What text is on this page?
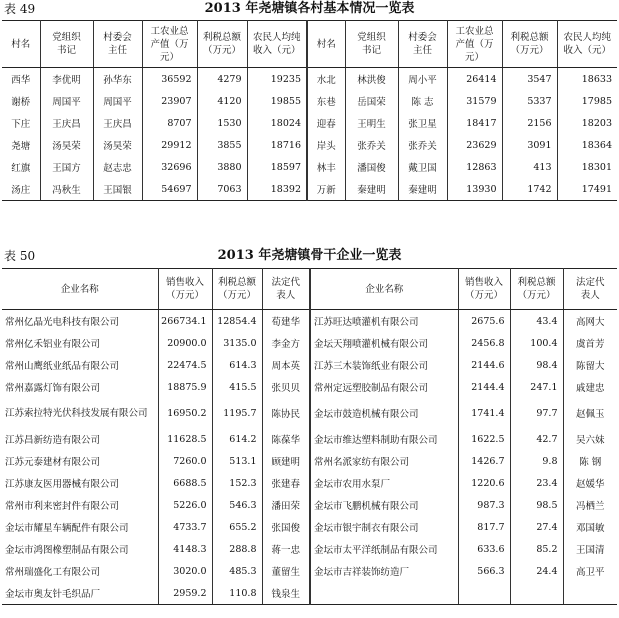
表 49	2013 年尧塘镇各村基本情况一览表
村名	党组织书记	村委会主任	工农业总产值（万元）	利税总额（万元）	农民人均纯收入（元）	村名	党组织书记	村委会主任	工农业总产值（万元）	利税总额（万元）	农民人均纯收入（元）
西华	李优明	孙华东	36592	4279	19235	水北	林洪俊	周小平	26414	3547	18633
谢桥	周国平	周国平	23907	4120	19855	东巷	岳国荣	陈 志	31579	5337	17985
下庄	王庆昌	王庆昌	8707	1530	18024	迎春	王明生	张卫星	18417	2156	18203
尧塘	汤昊荣	汤昊荣	29912	3855	18716	岸头	张乔关	张乔关	23629	3091	18364
红旗	王国方	赵志忠	32696	3880	18597	林丰	潘国俊	戴卫国	12863	413	18301
汤庄	冯秋生	王国银	54697	7063	18392	万新	秦建明	秦建明	13930	1742	17491
表 50	2013 年尧塘镇骨干企业一览表
企业名称	销售收入（万元）	利税总额（万元）	法定代表人	企业名称	销售收入（万元）	利税总额（万元）	法定代表人
常州亿晶光电科技有限公司	266734.1	12854.4	荀建华	江苏旺达喷灌机有限公司	2675.6	43.4	高网大
常州亿禾铝业有限公司	20900.0	3135.0	李金方	金坛天翔喷灌机械有限公司	2456.8	100.4	虞首芳
常州山鹰纸业纸品有限公司	22474.5	614.3	周本英	江苏三木装饰纸业有限公司	2144.6	98.4	陈留大
常州嘉露灯饰有限公司	18875.9	415.5	张贝贝	常州定远塑胶制品有限公司	2144.4	247.1	戚建忠
江苏索拉特光伏科技发展有限公司	16950.2	1195.7	陈协民	金坛市鼓造机械有限公司	1741.4	97.7	赵佩玉
江苏昌新纺造有限公司	11628.5	614.2	陈葆华	金坛市维达塑料制助有限公司	1622.5	42.7	吴六妹
江苏元泰建材有限公司	7260.0	513.1	顾建明	常州名派家纺有限公司	1426.7	9.8	陈 钢
江苏康友医用器械有限公司	6688.5	152.3	张建春	金坛市农用水泵厂	1220.6	23.4	赵媛华
常州市利来密封件有限公司	5226.0	546.3	潘田荣	金坛市飞鹏机械有限公司	987.3	98.5	冯栖兰
金坛市耀星车辆配件有限公司	4733.7	655.2	张国俊	金坛市银宇制衣有限公司	817.7	27.4	邓国敏
金坛市鸿图橡塑制品有限公司	4148.3	288.8	蒋一忠	金坛市太平洋纸制品有限公司	633.6	85.2	王国清
常州瑞盛化工有限公司	3020.0	485.3	董留生	金坛市吉祥装饰纺造厂	566.3	24.4	高卫平
金坛市奥友针毛织品厂	2959.2	110.8	钱泉生				
